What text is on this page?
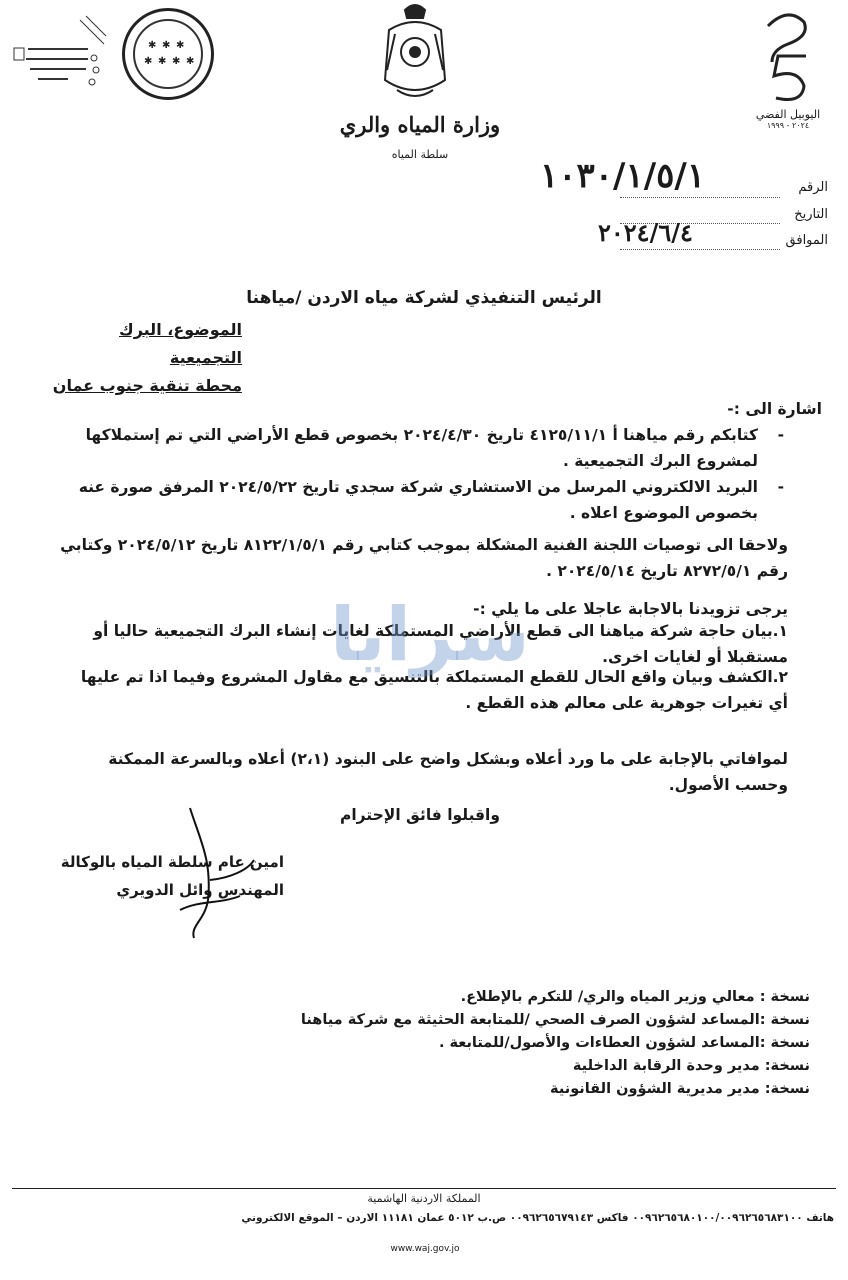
✱ ✱ ✱
✱ ✱ ✱ ✱
اليوبيل الفضي
٢٠٢٤ - ١٩٩٩
وزارة المياه والري
سلطة المياه
الرقم
التاريخ
الموافق
١٠٣٠/١/٥/١
٢٠٢٤/٦/٤
الرئيس التنفيذي لشركة مياه الاردن /مياهنا
الموضوع، البرك التجميعية
محطة تنقية جنوب عمان
اشارة الى :-
-
كتابكم رقم مياهنا أ ٤١٢٥/١١/١ تاريخ ٢٠٢٤/٤/٣٠ بخصوص قطع الأراضي التي تم إستملاكها لمشروع البرك التجميعية .
-
البريد الالكتروني المرسل من الاستشاري شركة سجدي تاريخ ٢٠٢٤/٥/٢٢ المرفق صورة عنه بخصوص الموضوع اعلاه .
ولاحقا الى توصيات اللجنة الفنية المشكلة بموجب كتابي رقم ٨١٢٢/١/٥/١ تاريخ ٢٠٢٤/٥/١٢ وكتابي رقم ٨٢٧٢/٥/١ تاريخ ٢٠٢٤/٥/١٤ .
يرجى تزويدنا بالاجابة عاجلا على ما يلي :-
١.بيان حاجة شركة مياهنا الى قطع الأراضي المستملكة لغايات إنشاء البرك التجميعية حاليا أو مستقبلا أو لغايات اخرى.
٢.الكشف وبيان واقع الحال للقطع المستملكة بالتنسيق مع مقاول المشروع وفيما اذا تم عليها أي تغيرات جوهرية على معالم هذه القطع .
سرايا
لموافاتي بالإجابة على ما ورد أعلاه وبشكل واضح على البنود (٢،١) أعلاه وبالسرعة الممكنة وحسب الأصول.
واقبلوا فائق الإحترام
امين عام سلطة المياه بالوكالة
المهندس وائل الدويري
نسخة : معالي وزير المياه والري/ للتكرم بالإطلاع.
نسخة :المساعد لشؤون الصرف الصحي /للمتابعة الحثيثة مع شركة مياهنا
نسخة :المساعد لشؤون العطاءات والأصول/للمتابعة .
نسخة: مدير وحدة الرقابة الداخلية
نسخة: مدير مديرية الشؤون القانونية
المملكة الاردنية الهاشمية
هاتف ٠٠٩٦٢٦٥٦٨٠١٠٠/٠٠٩٦٢٦٥٦٨٣١٠٠ فاكس ٠٠٩٦٢٦٥٦٧٩١٤٣ ص.ب ٥٠١٢ عمان ١١١٨١ الاردن – الموقع الالكتروني
www.waj.gov.jo
